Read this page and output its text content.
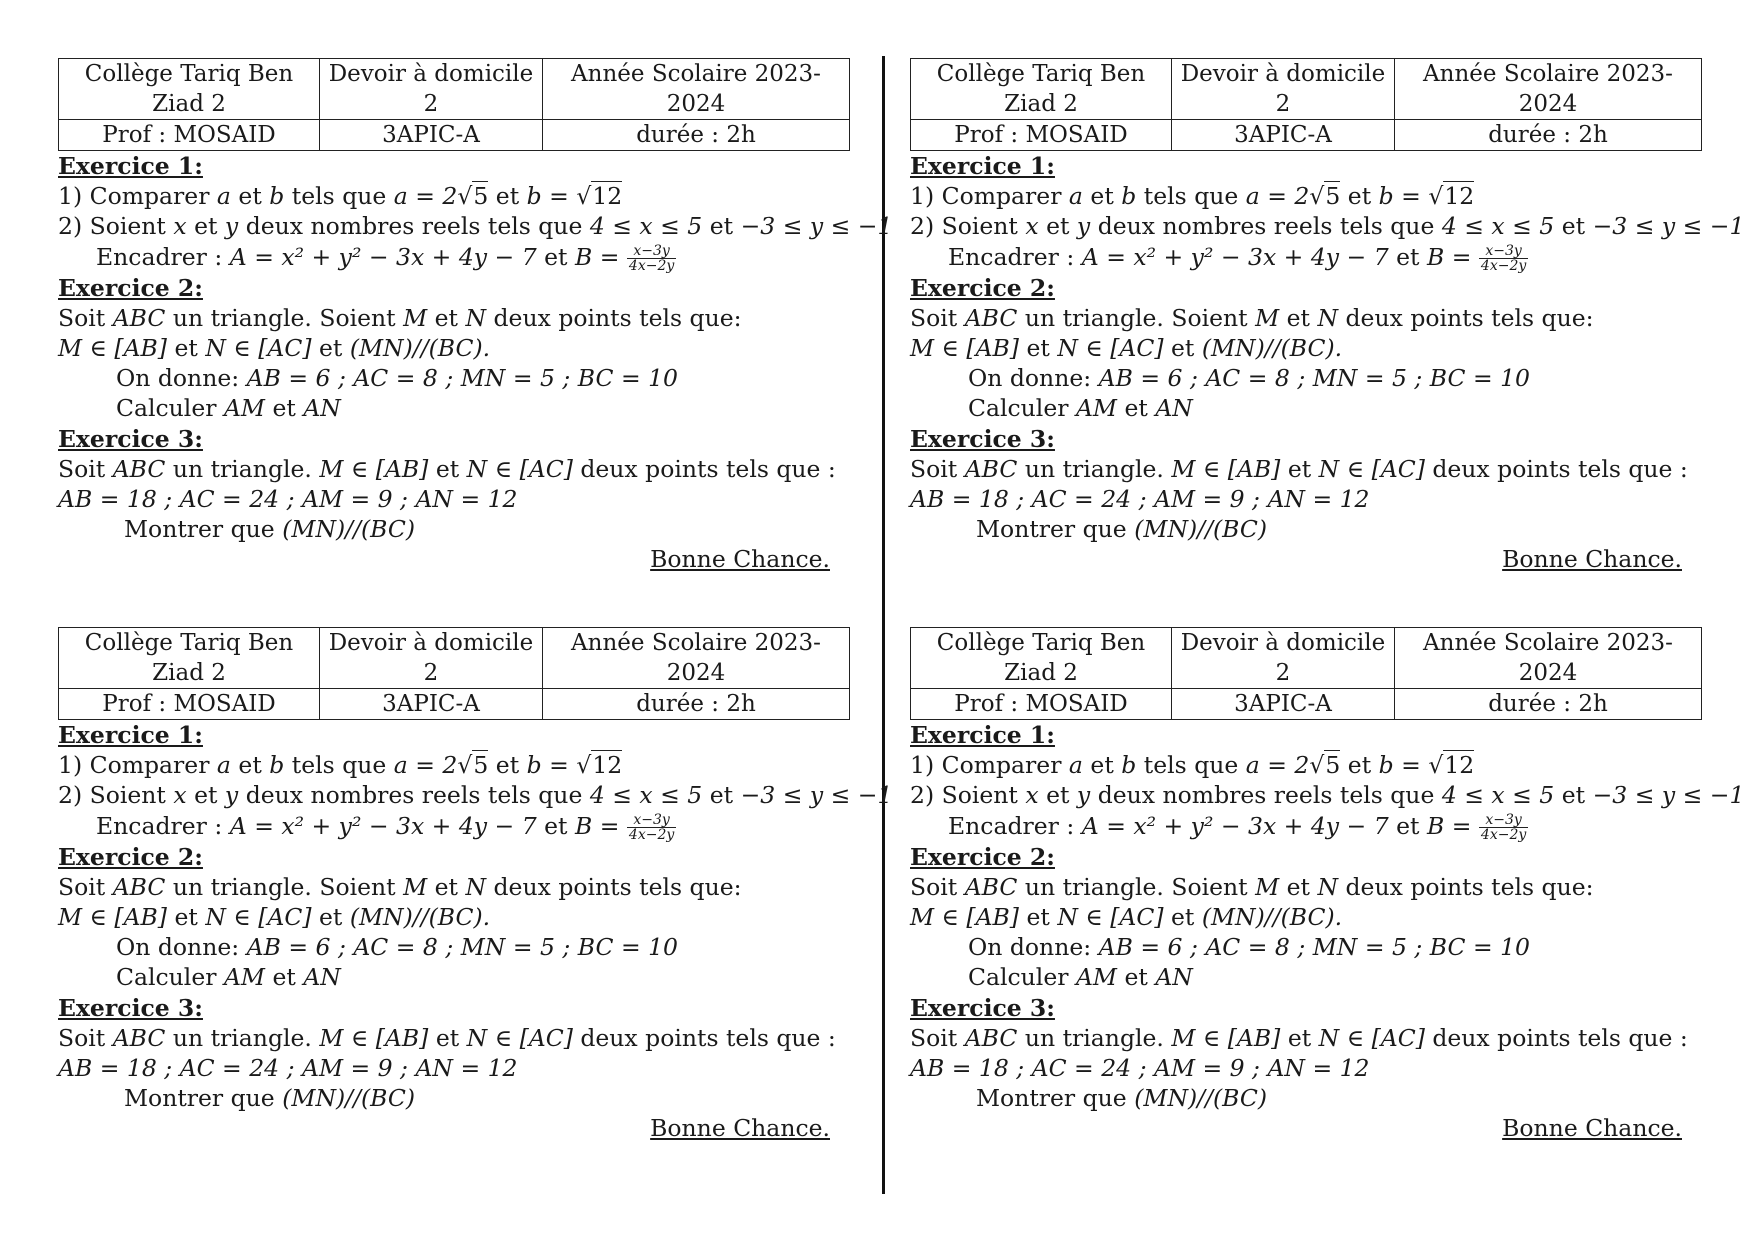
Collège Tariq Ben Ziad 2	Devoir à domicile 2	Année Scolaire 2023-2024
Prof : MOSAID	3APIC-A	durée : 2h
Exercice 1:
1) Comparer a et b tels que a = 2√5 et b = √12
2) Soient x et y deux nombres reels tels que 4 ≤ x ≤ 5 et −3 ≤ y ≤ −1
Encadrer : A = x² + y² − 3x + 4y − 7 et $B = \frac{x-3y}{4x-2y}$
Exercice 2:
Soit ABC un triangle. Soient M et N deux points tels que:
M ∈ [AB] et N ∈ [AC] et (MN)//(BC).
On donne: AB = 6 ; AC = 8 ; MN = 5 ; BC = 10
Calculer AM et AN
Exercice 3:
Soit ABC un triangle. M ∈ [AB] et N ∈ [AC] deux points tels que :
AB = 18 ; AC = 24 ; AM = 9 ; AN = 12
Montrer que (MN)//(BC)
Bonne Chance.
Collège Tariq Ben Ziad 2	Devoir à domicile 2	Année Scolaire 2023-2024
Prof : MOSAID	3APIC-A	durée : 2h
Exercice 1:
1) Comparer a et b tels que a = 2√5 et b = √12
2) Soient x et y deux nombres reels tels que 4 ≤ x ≤ 5 et −3 ≤ y ≤ −1
Encadrer : A = x² + y² − 3x + 4y − 7 et $B = \frac{x-3y}{4x-2y}$
Exercice 2:
Soit ABC un triangle. Soient M et N deux points tels que:
M ∈ [AB] et N ∈ [AC] et (MN)//(BC).
On donne: AB = 6 ; AC = 8 ; MN = 5 ; BC = 10
Calculer AM et AN
Exercice 3:
Soit ABC un triangle. M ∈ [AB] et N ∈ [AC] deux points tels que :
AB = 18 ; AC = 24 ; AM = 9 ; AN = 12
Montrer que (MN)//(BC)
Bonne Chance.
Collège Tariq Ben Ziad 2	Devoir à domicile 2	Année Scolaire 2023-2024
Prof : MOSAID	3APIC-A	durée : 2h
Exercice 1:
1) Comparer a et b tels que a = 2√5 et b = √12
2) Soient x et y deux nombres reels tels que 4 ≤ x ≤ 5 et −3 ≤ y ≤ −1
Encadrer : A = x² + y² − 3x + 4y − 7 et $B = \frac{x-3y}{4x-2y}$
Exercice 2:
Soit ABC un triangle. Soient M et N deux points tels que:
M ∈ [AB] et N ∈ [AC] et (MN)//(BC).
On donne: AB = 6 ; AC = 8 ; MN = 5 ; BC = 10
Calculer AM et AN
Exercice 3:
Soit ABC un triangle. M ∈ [AB] et N ∈ [AC] deux points tels que :
AB = 18 ; AC = 24 ; AM = 9 ; AN = 12
Montrer que (MN)//(BC)
Bonne Chance.
Collège Tariq Ben Ziad 2	Devoir à domicile 2	Année Scolaire 2023-2024
Prof : MOSAID	3APIC-A	durée : 2h
Exercice 1:
1) Comparer a et b tels que a = 2√5 et b = √12
2) Soient x et y deux nombres reels tels que 4 ≤ x ≤ 5 et −3 ≤ y ≤ −1
Encadrer : A = x² + y² − 3x + 4y − 7 et $B = \frac{x-3y}{4x-2y}$
Exercice 2:
Soit ABC un triangle. Soient M et N deux points tels que:
M ∈ [AB] et N ∈ [AC] et (MN)//(BC).
On donne: AB = 6 ; AC = 8 ; MN = 5 ; BC = 10
Calculer AM et AN
Exercice 3:
Soit ABC un triangle. M ∈ [AB] et N ∈ [AC] deux points tels que :
AB = 18 ; AC = 24 ; AM = 9 ; AN = 12
Montrer que (MN)//(BC)
Bonne Chance.
